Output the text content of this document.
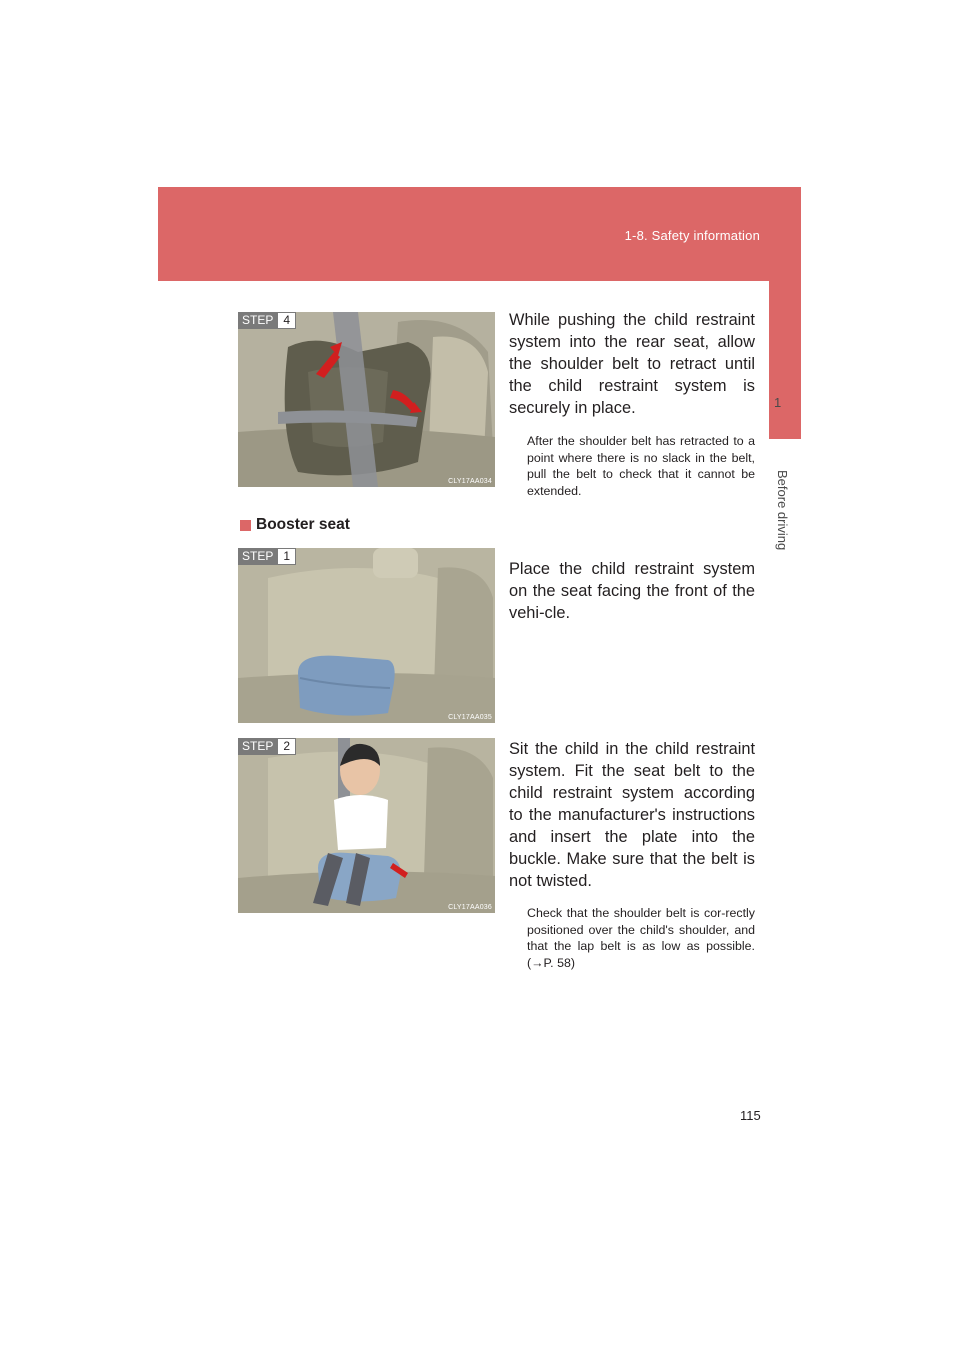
1-8. Safety information
1
Before driving
STEP 4
CLY17AA034

While pushing the child restraint system into the rear seat, allow the shoulder belt to retract until the child restraint system is securely in place.

After the shoulder belt has retracted to a point where there is no slack in the belt, pull the belt to check that it cannot be extended.

Booster seat
STEP 1
CLY17AA035

Place the child restraint system on the seat facing the front of the vehi-cle.

STEP 2
CLY17AA036

Sit the child in the child restraint system. Fit the seat belt to the child restraint system according to the manufacturer's instructions and insert the plate into the buckle. Make sure that the belt is not twisted.

Check that the shoulder belt is cor-rectly positioned over the child's shoulder, and that the lap belt is as low as possible. (→P. 58)

115
